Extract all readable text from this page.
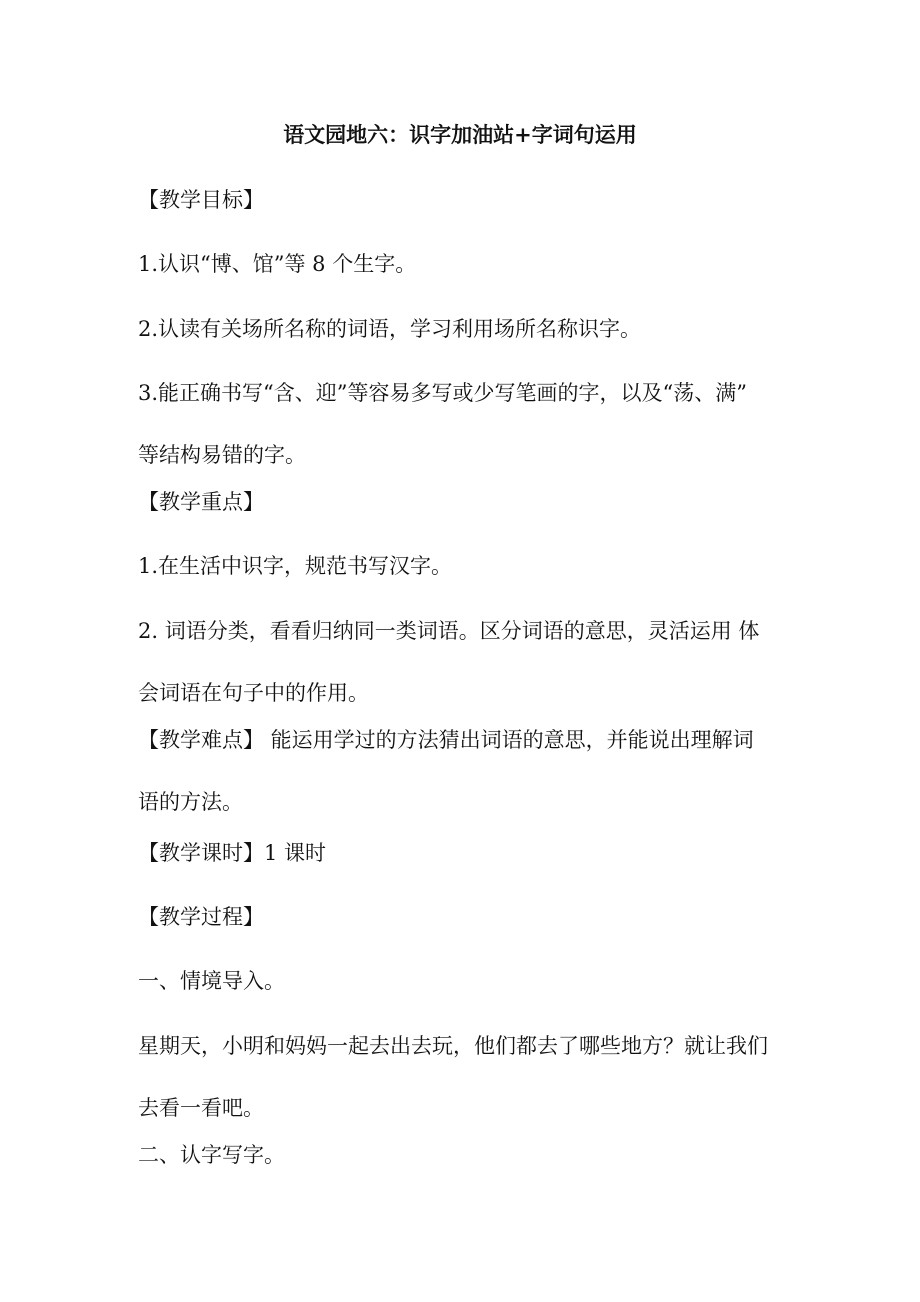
语文园地六：识字加油站+字词句运用
【教学目标】
1.认识“博、馆”等 8 个生字。
2.认读有关场所名称的词语，学习利用场所名称识字。
3.能正确书写“含、迎”等容易多写或少写笔画的字，以及“荡、满”
等结构易错的字。
【教学重点】
1.在生活中识字，规范书写汉字。
2. 词语分类，看看归纳同一类词语。区分词语的意思，灵活运用 体
会词语在句子中的作用。
【教学难点】 能运用学过的方法猜出词语的意思，并能说出理解词
语的方法。
【教学课时】1 课时
【教学过程】
一、情境导入。
星期天，小明和妈妈一起去出去玩，他们都去了哪些地方？就让我们
去看一看吧。
二、认字写字。
